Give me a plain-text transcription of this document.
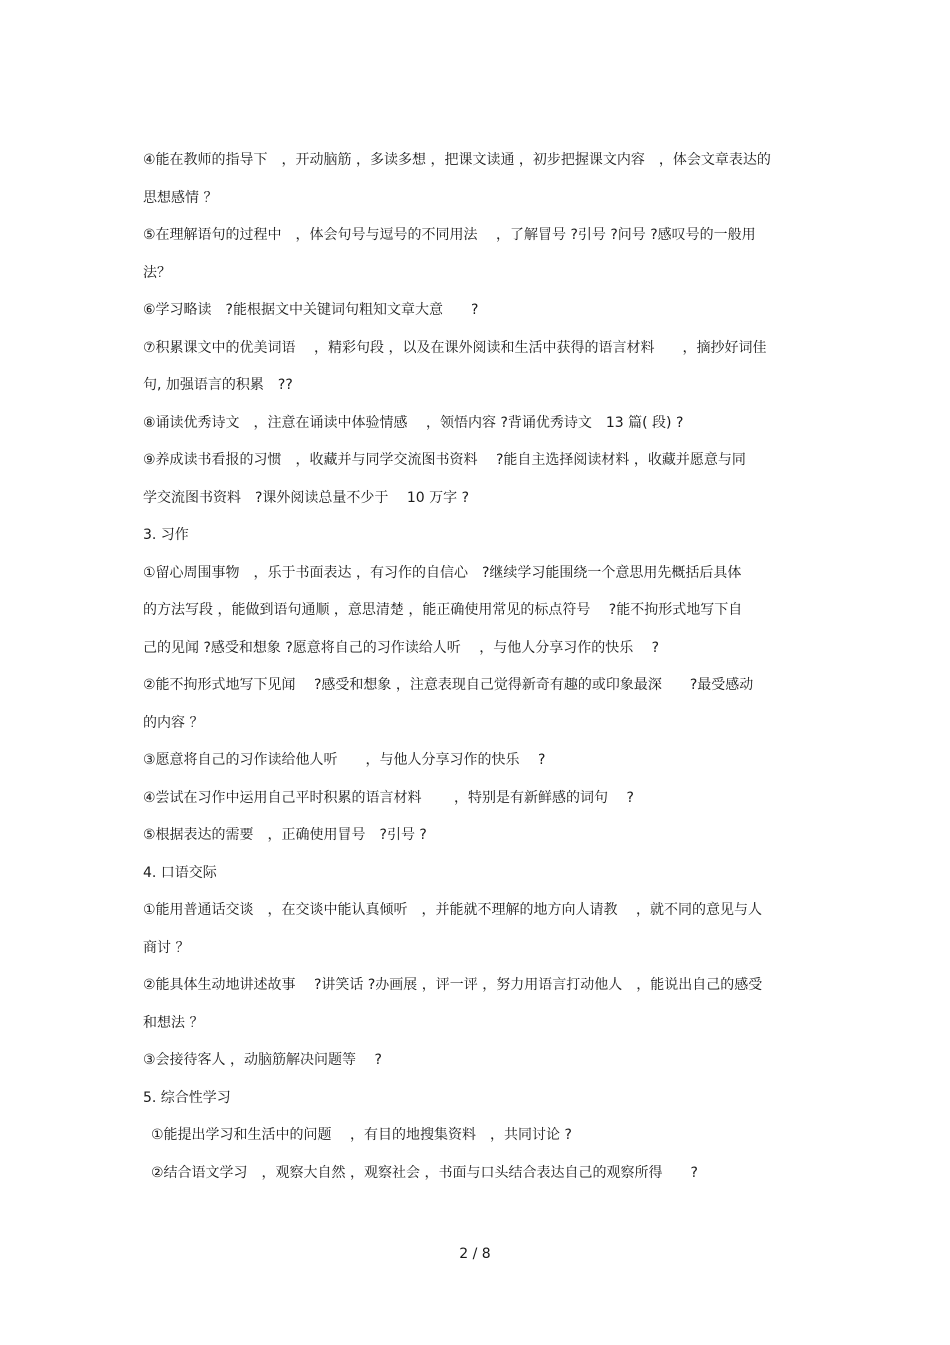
④能在教师的指导下　，开动脑筋 ，多读多想 ，把课文读通 ，初步把握课文内容　，体会文章表达的
思想感情 ？
⑤在理解语句的过程中　，体会句号与逗号的不同用法　 ，了解冒号 ?引号 ?问号 ?感叹号的一般用
法？
⑥学习略读　?能根据文中关键词句粗知文章大意　　?
⑦积累课文中的优美词语　 ，精彩句段 ，以及在课外阅读和生活中获得的语言材料　　，摘抄好词佳
句, 加强语言的积累　??
⑧诵读优秀诗文　，注意在诵读中体验情感　 ，领悟内容 ?背诵优秀诗文　13 篇( 段) ?
⑨养成读书看报的习惯　，收藏并与同学交流图书资料　 ?能自主选择阅读材料 ，收藏并愿意与同
学交流图书资料　?课外阅读总量不少于　 10 万字 ?
3. 习作
①留心周围事物　，乐于书面表达 ，有习作的自信心　?继续学习能围绕一个意思用先概括后具体
的方法写段 ，能做到语句通顺 ，意思清楚 ，能正确使用常见的标点符号　 ?能不拘形式地写下自
己的见闻 ?感受和想象 ?愿意将自己的习作读给人听　 ，与他人分享习作的快乐　 ?
②能不拘形式地写下见闻　 ?感受和想象 ，注意表现自己觉得新奇有趣的或印象最深　　?最受感动
的内容 ？
③愿意将自己的习作读给他人听　　，与他人分享习作的快乐　 ?
④尝试在习作中运用自己平时积累的语言材料　　 ，特别是有新鲜感的词句　 ?
⑤根据表达的需要　，正确使用冒号　?引号 ?
4. 口语交际
①能用普通话交谈　，在交谈中能认真倾听　，并能就不理解的地方向人请教　 ，就不同的意见与人
商讨 ？
②能具体生动地讲述故事　 ?讲笑话 ?办画展 ，评一评 ，努力用语言打动他人　，能说出自己的感受
和想法 ？
③会接待客人 ，动脑筋解决问题等　 ?
5. 综合性学习
①能提出学习和生活中的问题　 ，有目的地搜集资料　，共同讨论 ?
②结合语文学习　，观察大自然 ，观察社会 ，书面与口头结合表达自己的观察所得　　?
2 / 8
